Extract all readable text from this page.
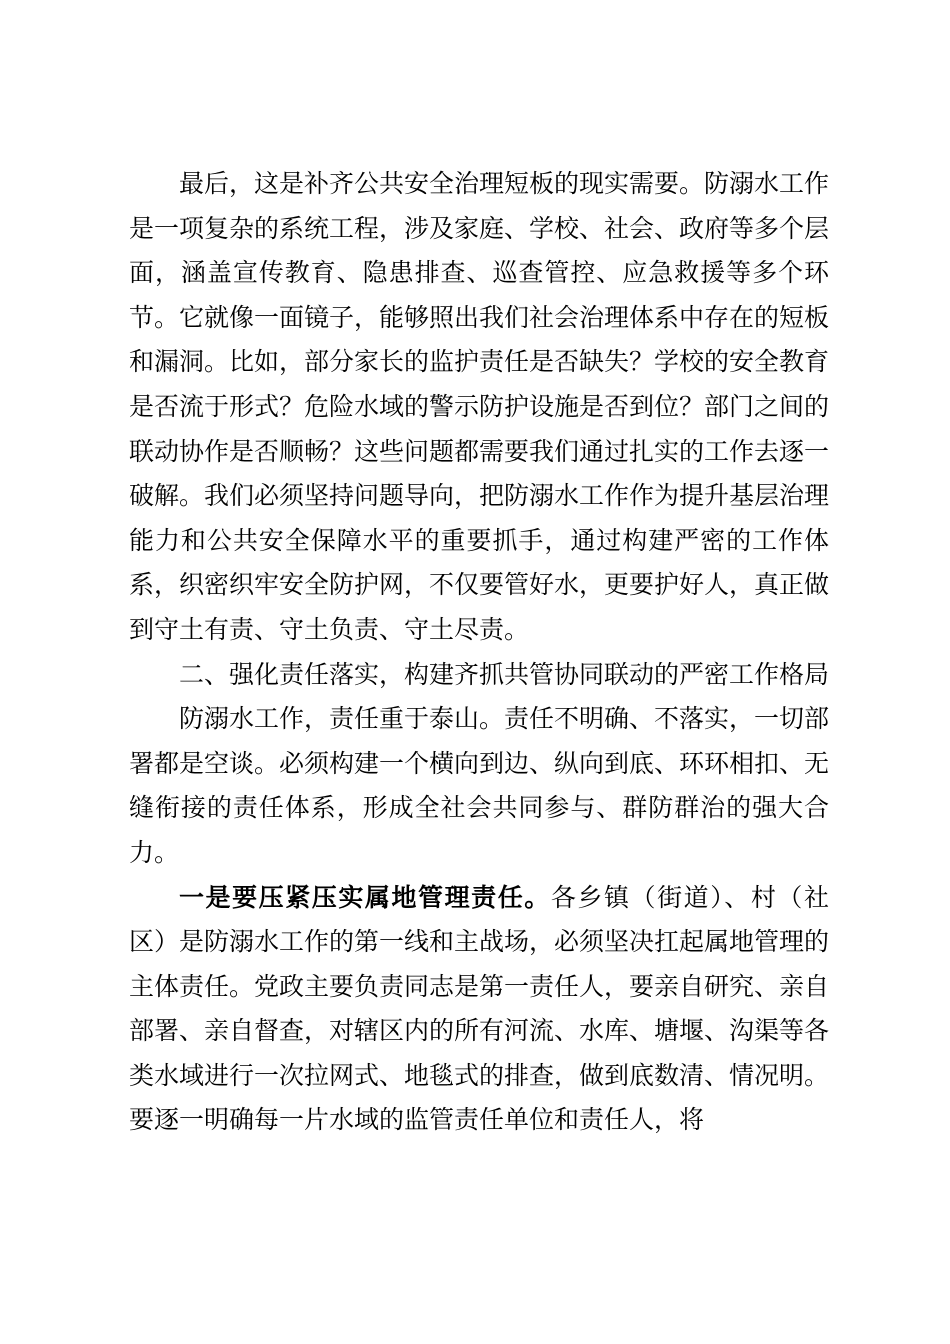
最后，这是补齐公共安全治理短板的现实需要。防溺水工作是一项复杂的系统工程，涉及家庭、学校、社会、政府等多个层面，涵盖宣传教育、隐患排查、巡查管控、应急救援等多个环节。它就像一面镜子，能够照出我们社会治理体系中存在的短板和漏洞。比如，部分家长的监护责任是否缺失？学校的安全教育是否流于形式？危险水域的警示防护设施是否到位？部门之间的联动协作是否顺畅？这些问题都需要我们通过扎实的工作去逐一破解。我们必须坚持问题导向，把防溺水工作作为提升基层治理能力和公共安全保障水平的重要抓手，通过构建严密的工作体系，织密织牢安全防护网，不仅要管好水，更要护好人，真正做到守土有责、守土负责、守土尽责。

二、强化责任落实，构建齐抓共管协同联动的严密工作格局

防溺水工作，责任重于泰山。责任不明确、不落实，一切部署都是空谈。必须构建一个横向到边、纵向到底、环环相扣、无缝衔接的责任体系，形成全社会共同参与、群防群治的强大合力。

一是要压紧压实属地管理责任。各乡镇（街道）、村（社区）是防溺水工作的第一线和主战场，必须坚决扛起属地管理的主体责任。党政主要负责同志是第一责任人，要亲自研究、亲自部署、亲自督查，对辖区内的所有河流、水库、塘堰、沟渠等各类水域进行一次拉网式、地毯式的排查，做到底数清、情况明。要逐一明确每一片水域的监管责任单位和责任人，将
